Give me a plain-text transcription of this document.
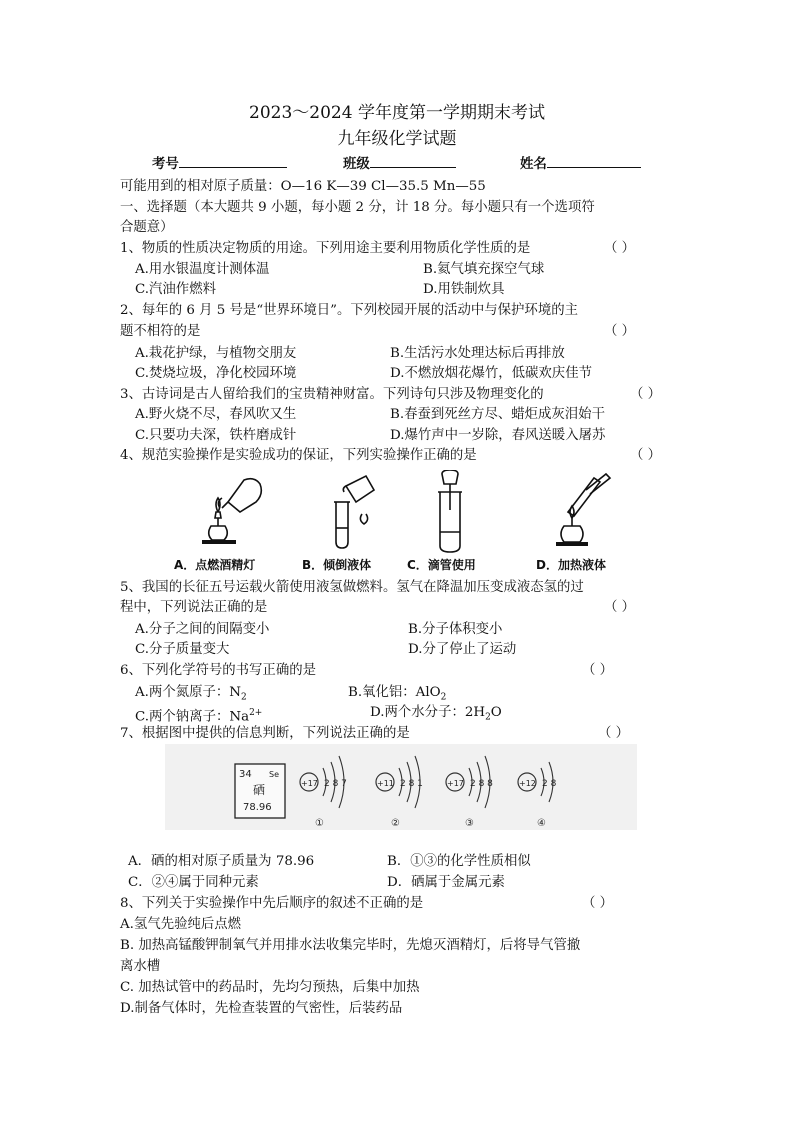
2023～2024 学年度第一学期期末考试
九年级化学试题
考号	班级	姓名
可能用到的相对原子质量：O—16 K—39 Cl—35.5 Mn—55
一、选择题（本大题共 9 小题，每小题 2 分，计 18 分。每小题只有一个选项符
合题意）
1、物质的性质决定物质的用途。下列用途主要利用物质化学性质的是	（ ）
A.用水银温度计测体温	B.氦气填充探空气球
C.汽油作燃料	D.用铁制炊具
2、每年的 6 月 5 号是“世界环境日”。下列校园开展的活动中与保护环境的主
题不相符的是	（ ）
A.栽花护绿，与植物交朋友	B.生活污水处理达标后再排放
C.焚烧垃圾，净化校园环境	D.不燃放烟花爆竹，低碳欢庆佳节
3、古诗词是古人留给我们的宝贵精神财富。下列诗句只涉及物理变化的	（ ）
A.野火烧不尽，春风吹又生	B.春蚕到死丝方尽、蜡炬成灰泪始干
C.只要功夫深，铁杵磨成针	D.爆竹声中一岁除，春风送暖入屠苏
4、规范实验操作是实验成功的保证，下列实验操作正确的是	（ ）
A．点燃酒精灯	B．倾倒液体	C．滴管使用	D．加热液体
5、我国的长征五号运载火箭使用液氢做燃料。氢气在降温加压变成液态氢的过
程中，下列说法正确的是	（ ）
A.分子之间的间隔变小	B.分子体积变小
C.分子质量变大	D.分了停止了运动
6、下列化学符号的书写正确的是	（ ）
A.两个氮原子：$N_2$	B.氧化铝：AlO$_2$
C.两个钠离子：$Na^{2+}$	D.两个水分子：$2H_2O$
7、根据图中提供的信息判断，下列说法正确的是	（ ）
34 Se
硒
78.96
+17 2 8 7
①
+11 2 8 1
②
+17 2 8 8
③
+12 2 8
④
A．硒的相对原子质量为 78.96	B．①③的化学性质相似
C．②④属于同种元素	D．硒属于金属元素
8、下列关于实验操作中先后顺序的叙述不正确的是	（ ）
A.氢气先验纯后点燃
B. 加热高锰酸钾制氧气并用排水法收集完毕时，先熄灭酒精灯，后将导气管撤
离水槽
C. 加热试管中的药品时，先均匀预热，后集中加热
D.制备气体时，先检查装置的气密性，后装药品
